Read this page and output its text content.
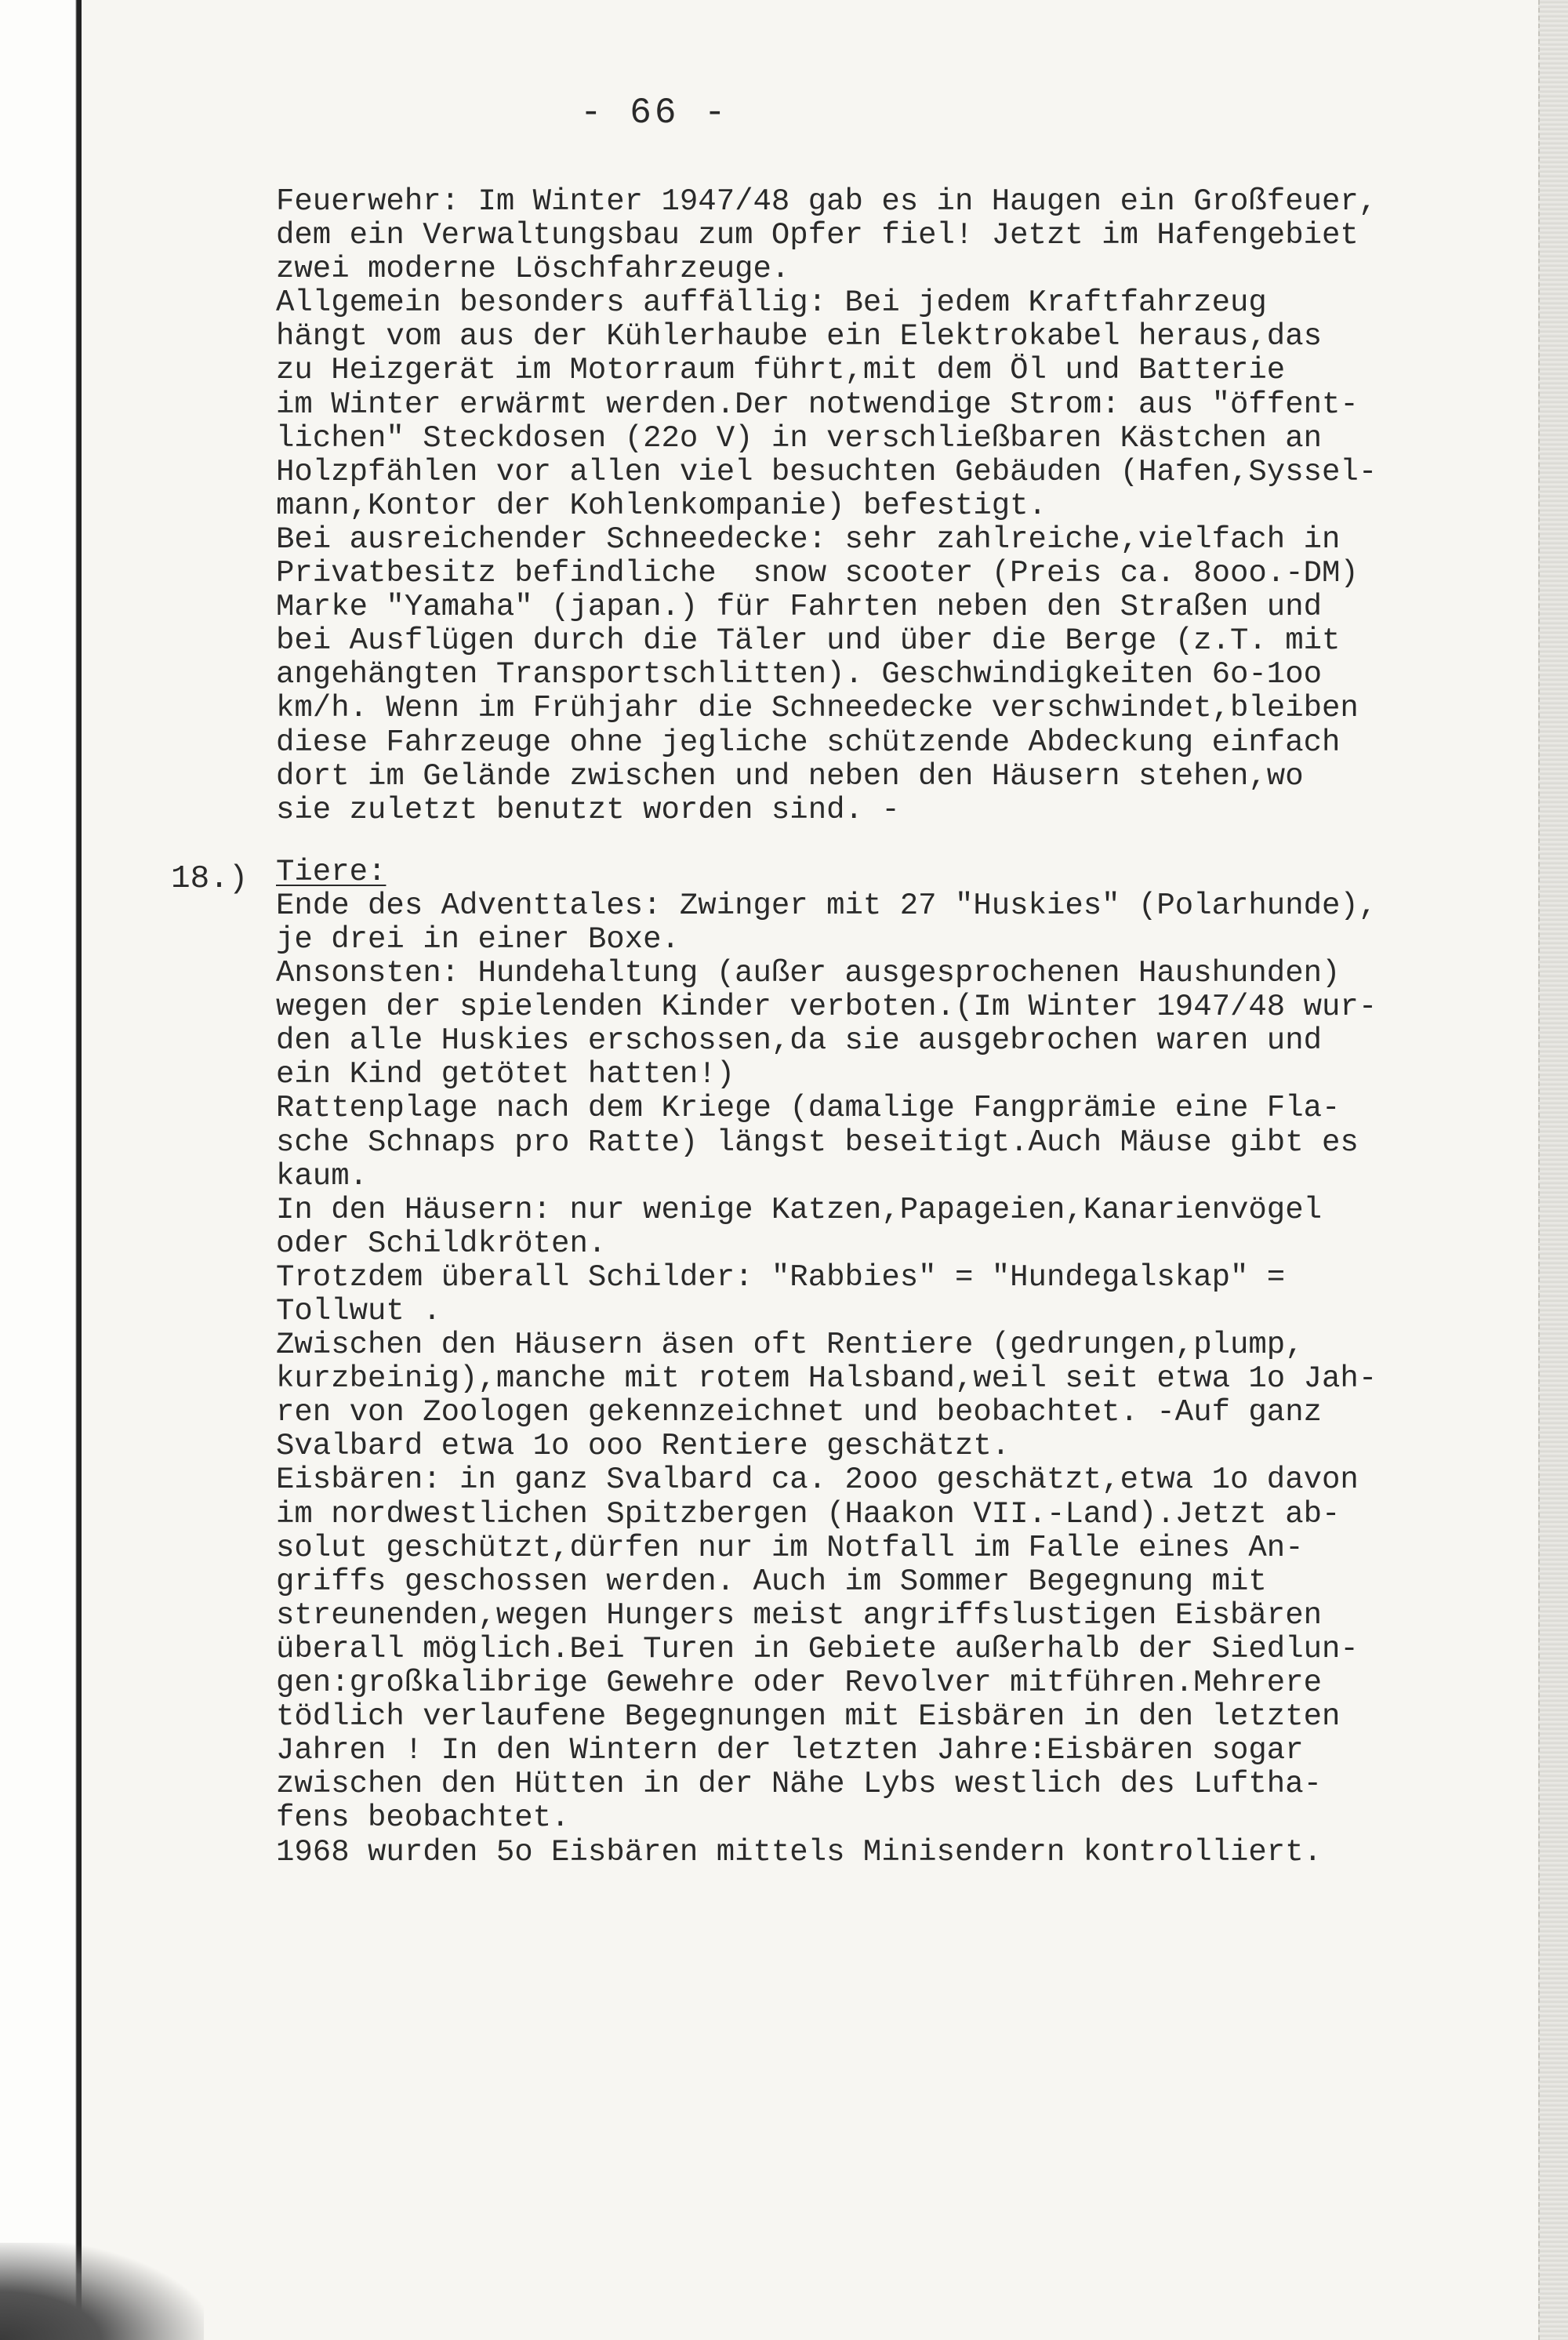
- 66 -
18.)
Feuerwehr: Im Winter 1947/48 gab es in Haugen ein Großfeuer,
dem ein Verwaltungsbau zum Opfer fiel! Jetzt im Hafengebiet
zwei moderne Löschfahrzeuge.
Allgemein besonders auffällig: Bei jedem Kraftfahrzeug
hängt vom aus der Kühlerhaube ein Elektrokabel heraus,das
zu Heizgerät im Motorraum führt,mit dem Öl und Batterie
im Winter erwärmt werden.Der notwendige Strom: aus "öffent-
lichen" Steckdosen (22o V) in verschließbaren Kästchen an
Holzpfählen vor allen viel besuchten Gebäuden (Hafen,Syssel-
mann,Kontor der Kohlenkompanie) befestigt.
Bei ausreichender Schneedecke: sehr zahlreiche,vielfach in
Privatbesitz befindliche  snow scooter (Preis ca. 8ooo.-DM)
Marke "Yamaha" (japan.) für Fahrten neben den Straßen und
bei Ausflügen durch die Täler und über die Berge (z.T. mit
angehängten Transportschlitten). Geschwindigkeiten 6o-1oo
km/h. Wenn im Frühjahr die Schneedecke verschwindet,bleiben
diese Fahrzeuge ohne jegliche schützende Abdeckung einfach
dort im Gelände zwischen und neben den Häusern stehen,wo
sie zuletzt benutzt worden sind. -
Tiere:
Ende des Adventtales: Zwinger mit 27 "Huskies" (Polarhunde),
je drei in einer Boxe.
Ansonsten: Hundehaltung (außer ausgesprochenen Haushunden)
wegen der spielenden Kinder verboten.(Im Winter 1947/48 wur-
den alle Huskies erschossen,da sie ausgebrochen waren und
ein Kind getötet hatten!)
Rattenplage nach dem Kriege (damalige Fangprämie eine Fla-
sche Schnaps pro Ratte) längst beseitigt.Auch Mäuse gibt es
kaum.
In den Häusern: nur wenige Katzen,Papageien,Kanarienvögel
oder Schildkröten.
Trotzdem überall Schilder: "Rabbies" = "Hundegalskap" =
Tollwut .
Zwischen den Häusern äsen oft Rentiere (gedrungen,plump,
kurzbeinig),manche mit rotem Halsband,weil seit etwa 1o Jah-
ren von Zoologen gekennzeichnet und beobachtet. -Auf ganz
Svalbard etwa 1o ooo Rentiere geschätzt.
Eisbären: in ganz Svalbard ca. 2ooo geschätzt,etwa 1o davon
im nordwestlichen Spitzbergen (Haakon VII.-Land).Jetzt ab-
solut geschützt,dürfen nur im Notfall im Falle eines An-
griffs geschossen werden. Auch im Sommer Begegnung mit
streunenden,wegen Hungers meist angriffslustigen Eisbären
überall möglich.Bei Turen in Gebiete außerhalb der Siedlun-
gen:großkalibrige Gewehre oder Revolver mitführen.Mehrere
tödlich verlaufene Begegnungen mit Eisbären in den letzten
Jahren ! In den Wintern der letzten Jahre:Eisbären sogar
zwischen den Hütten in der Nähe Lybs westlich des Luftha-
fens beobachtet.
1968 wurden 5o Eisbären mittels Minisendern kontrolliert.
